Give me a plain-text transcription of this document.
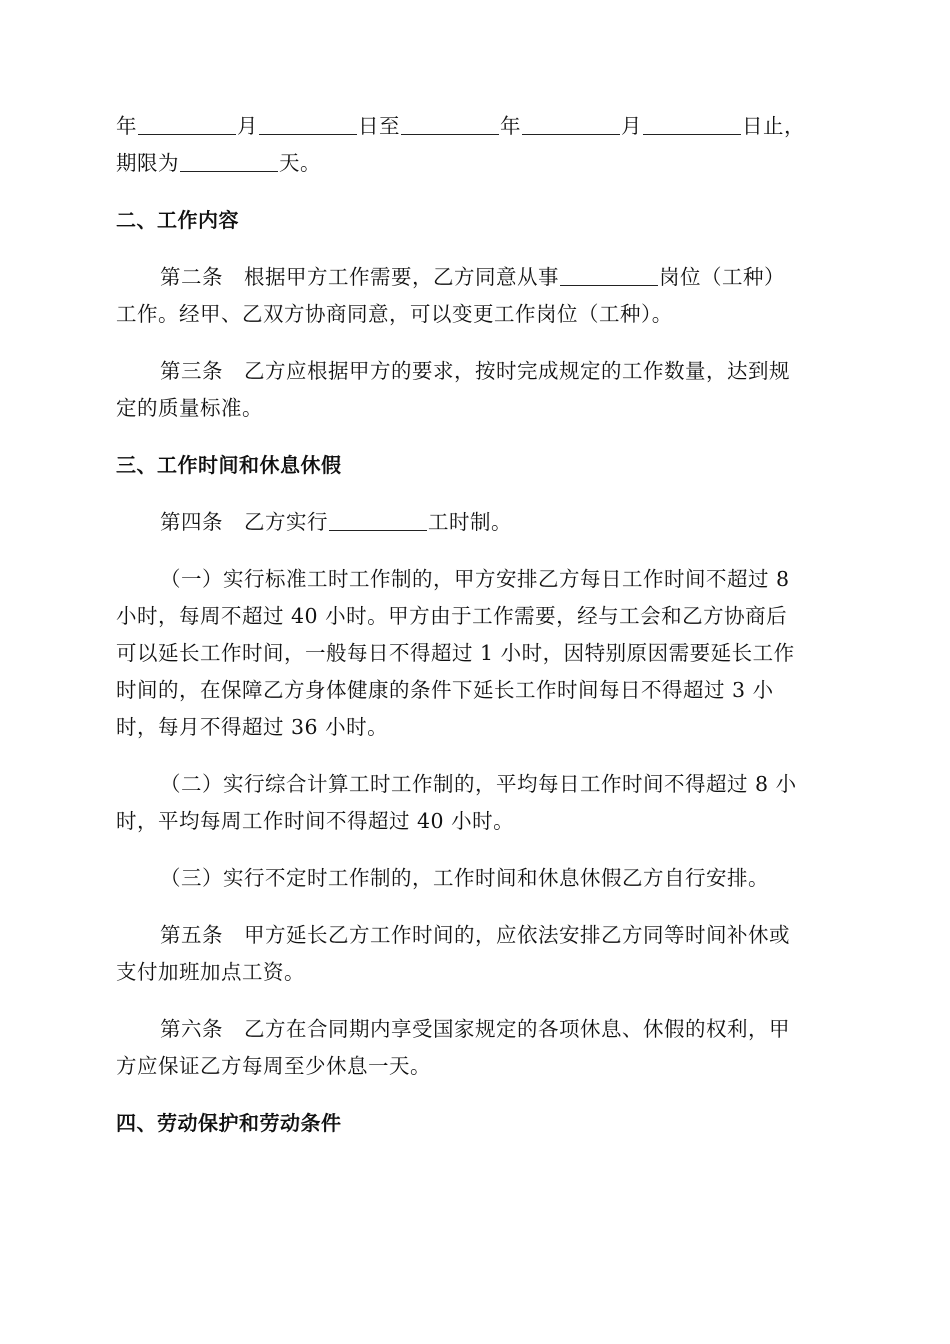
年	月	日至	年	月	日止，
期限为	天。
二、工作内容
第二条　根据甲方工作需要，乙方同意从事	岗位（工种）
工作。经甲、乙双方协商同意，可以变更工作岗位（工种）。
第三条　乙方应根据甲方的要求，按时完成规定的工作数量，达到规
定的质量标准。
三、工作时间和休息休假
第四条　乙方实行	工时制。
（一）实行标准工时工作制的，甲方安排乙方每日工作时间不超过 8
小时，每周不超过 40 小时。甲方由于工作需要，经与工会和乙方协商后
可以延长工作时间，一般每日不得超过 1 小时，因特别原因需要延长工作
时间的，在保障乙方身体健康的条件下延长工作时间每日不得超过 3 小
时，每月不得超过 36 小时。
（二）实行综合计算工时工作制的，平均每日工作时间不得超过 8 小
时，平均每周工作时间不得超过 40 小时。
（三）实行不定时工作制的，工作时间和休息休假乙方自行安排。
第五条　甲方延长乙方工作时间的，应依法安排乙方同等时间补休或
支付加班加点工资。
第六条　乙方在合同期内享受国家规定的各项休息、休假的权利，甲
方应保证乙方每周至少休息一天。
四、劳动保护和劳动条件
